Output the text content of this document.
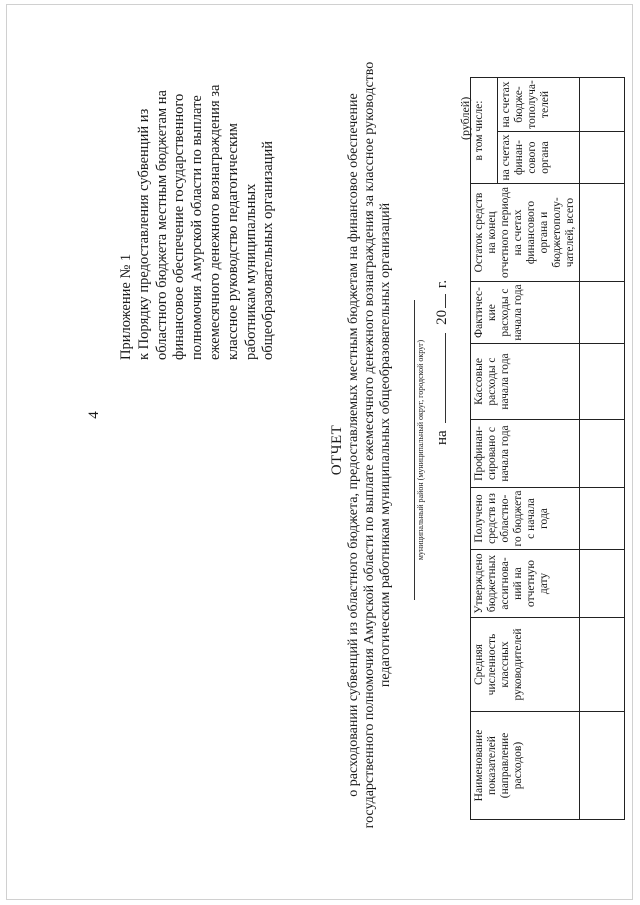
4
Приложение № 1 к Порядку предоставления субвенций из областного бюджета местным бюджетам на финансовое обеспечение государственного полномочия Амурской области по выплате ежемесячного денежного вознаграждения за классное руководство педагогическим работникам муниципальных общеобразовательных организаций
ОТЧЕТ о расходовании субвенций из областного бюджета, предоставляемых местным бюджетам на финансовое обеспечение государственного полномочия Амурской области по выплате ежемесячного денежного вознаграждения за классное руководство педагогическим работникам муниципальных общеобразовательных организаций	муниципальный район (муниципальный округ, городской округ) на  20 г.
(рублей)
Наименование показателей (направление расходов)	Средняя численность классных руководителей	Утверждено бюджетных ассигнова-ний на отчетную дату	Получено средств из областно-го бюджета с начала года	Профинан-сировано с начала года	Кассовые расходы с начала года	Фактичес-кие расходы с начала года	Остаток средств на конец отчетного периода на счетах финансового органа и бюджетополу-чателей, всего	в том числе:	
								на счетах финан-сового органа	на счетах бюдже-тополуча-телей
